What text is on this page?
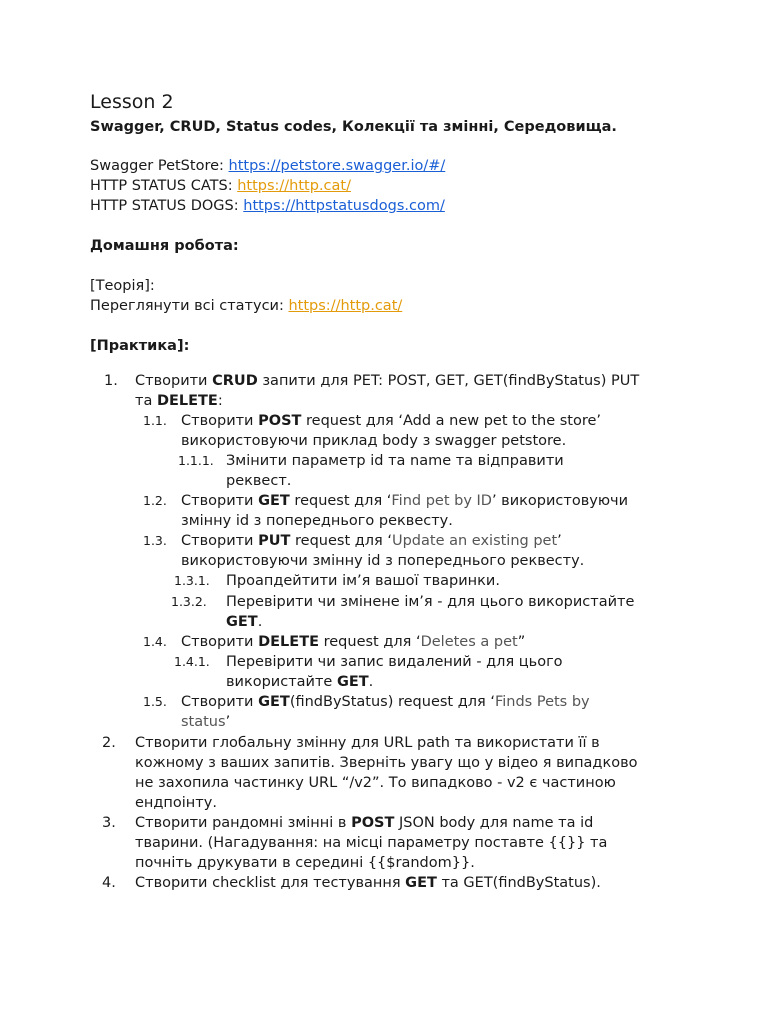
Lesson 2
Swagger, CRUD, Status codes, Колекції та змінні, Середовища.
Swagger PetStore: https://petstore.swagger.io/#/
HTTP STATUS CATS: https://http.cat/
HTTP STATUS DOGS: https://httpstatusdogs.com/
Домашня робота:
[Теорія]:
Переглянути всі статуси: https://http.cat/
[Практика]:
1. Створити CRUD запити для PET: POST, GET, GET(findByStatus) PUT
та DELETE:
1.1. Створити POST request для ‘Add a new pet to the store’
використовуючи приклад body з swagger petstore.
1.1.1. Змінити параметр id та name та відправити
реквест.
1.2. Створити GET request для ‘Find pet by ID’ використовуючи
змінну id з попереднього реквесту.
1.3. Створити PUT request для ‘Update an existing pet’
використовуючи змінну id з попереднього реквесту.
1.3.1. Проапдейтити ім’я вашої тваринки.
1.3.2. Перевірити чи змінене ім’я - для цього використайте
GET.
1.4. Створити DELETE request для ‘Deletes a pet”
1.4.1. Перевірити чи запис видалений - для цього
використайте GET.
1.5. Створити GET(findByStatus) request для ‘Finds Pets by
status’
2. Створити глобальну змінну для URL path та використати її в
кожному з ваших запитів. Зверніть увагу що у відео я випадково
не захопила частинку URL “/v2”. То випадково - v2 є частиною
ендпоінту.
3. Створити рандомні змінні в POST JSON body для name та id
тварини. (Нагадування: на місці параметру поставте {{}} та
почніть друкувати в середині {{$random}}.
4. Створити checklist для тестування GET та GET(findByStatus).
